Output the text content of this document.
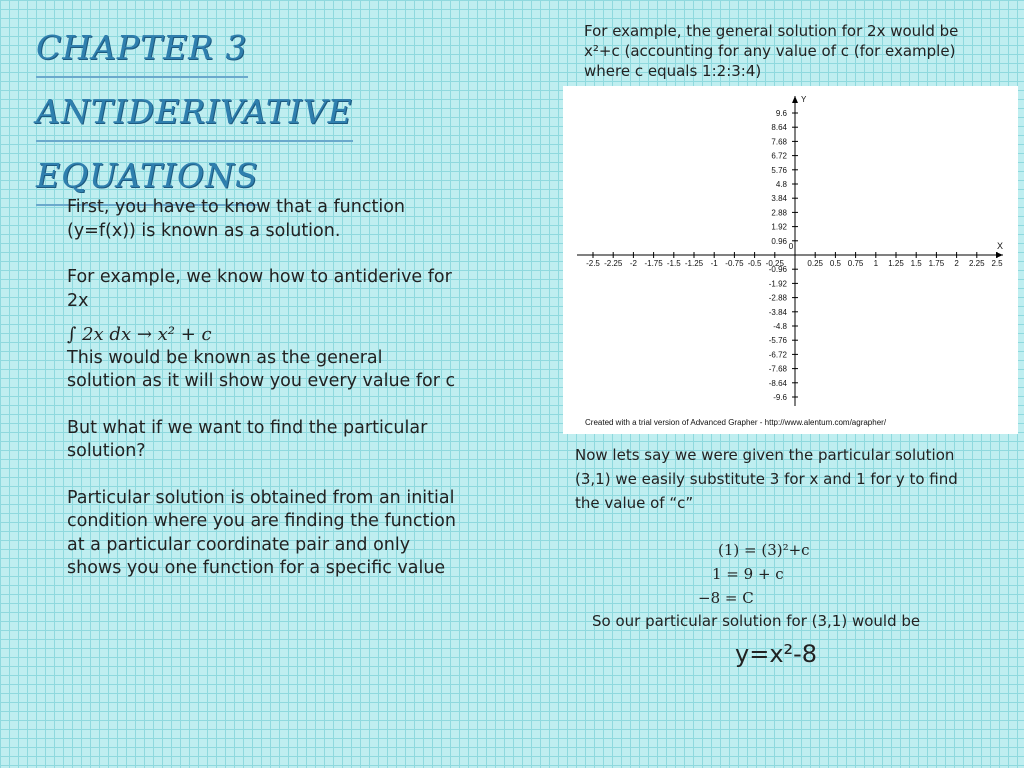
CHAPTER 3
ANTIDERIVATIVE
EQUATIONS

First, you have to know that a function (y=f(x)) is known as a solution.

For example, we know how to antiderive for 2x

∫ 2x dx → x² + c

This would be known as the general solution as it will show you every value for c

But what if we want to find the particular solution?

Particular solution is obtained from an initial condition where you are finding the function at a particular coordinate pair and only shows you one function for a specific value

For example, the general solution for 2x would be x²+c (accounting for any value of c (for example) where c equals 1:2:3:4)
X
Y
0
9.6
8.64
7.68
6.72
5.76
4.8
3.84
2.88
1.92
0.96
-0.96
-1.92
-2.88
-3.84
-4.8
-5.76
-6.72
-7.68
-8.64
-9.6
-2.5 -2.25 -2 -1.75 -1.5 -1.25 -1 -0.75 -0.5 -0.25	0.25 0.5 0.75 1 1.25 1.5 1.75 2 2.25 2.5
Created with a trial version of Advanced Grapher - http://www.alentum.com/agrapher/
Now lets say we were given the particular solution (3,1) we easily substitute 3 for x and 1 for y to find the value of “c”
(1) = (3)²+c
1 = 9 + c
−8 = C
So our particular solution for (3,1) would be
y=x²-8
